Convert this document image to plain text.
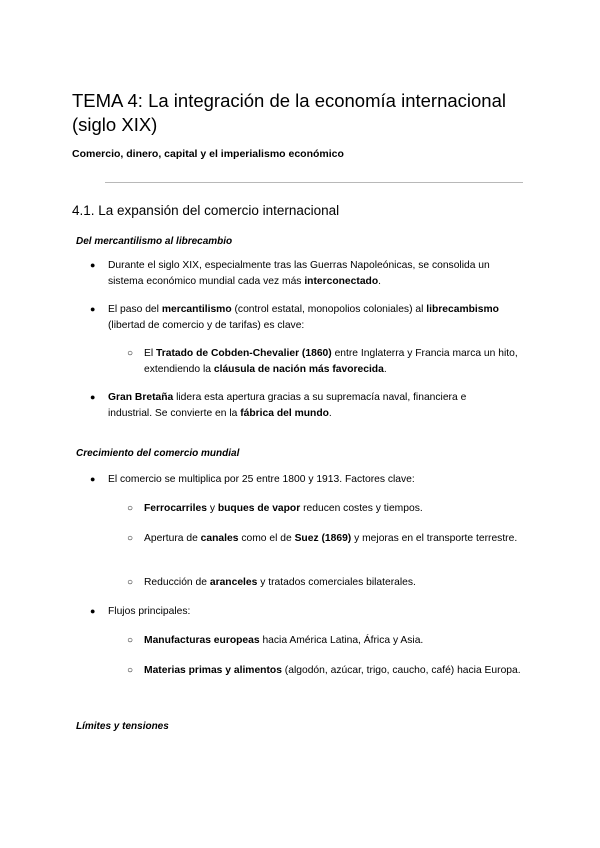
TEMA 4: La integración de la economía internacional (siglo XIX)

Comercio, dinero, capital y el imperialismo económico

4.1. La expansión del comercio internacional
Del mercantilismo al librecambio
● Durante el siglo XIX, especialmente tras las Guerras Napoleónicas, se consolida un sistema económico mundial cada vez más interconectado.

● El paso del mercantilismo (control estatal, monopolios coloniales) al librecambismo (libertad de comercio y de tarifas) es clave:

○ El Tratado de Cobden-Chevalier (1860) entre Inglaterra y Francia marca un hito, extendiendo la cláusula de nación más favorecida.

● Gran Bretaña lidera esta apertura gracias a su supremacía naval, financiera e industrial. Se convierte en la fábrica del mundo.

Crecimiento del comercio mundial
● El comercio se multiplica por 25 entre 1800 y 1913. Factores clave:

○ Ferrocarriles y buques de vapor reducen costes y tiempos.

○ Apertura de canales como el de Suez (1869) y mejoras en el transporte terrestre.

○ Reducción de aranceles y tratados comerciales bilaterales.

● Flujos principales:

○ Manufacturas europeas hacia América Latina, África y Asia.

○ Materias primas y alimentos (algodón, azúcar, trigo, caucho, café) hacia Europa.

Límites y tensiones
